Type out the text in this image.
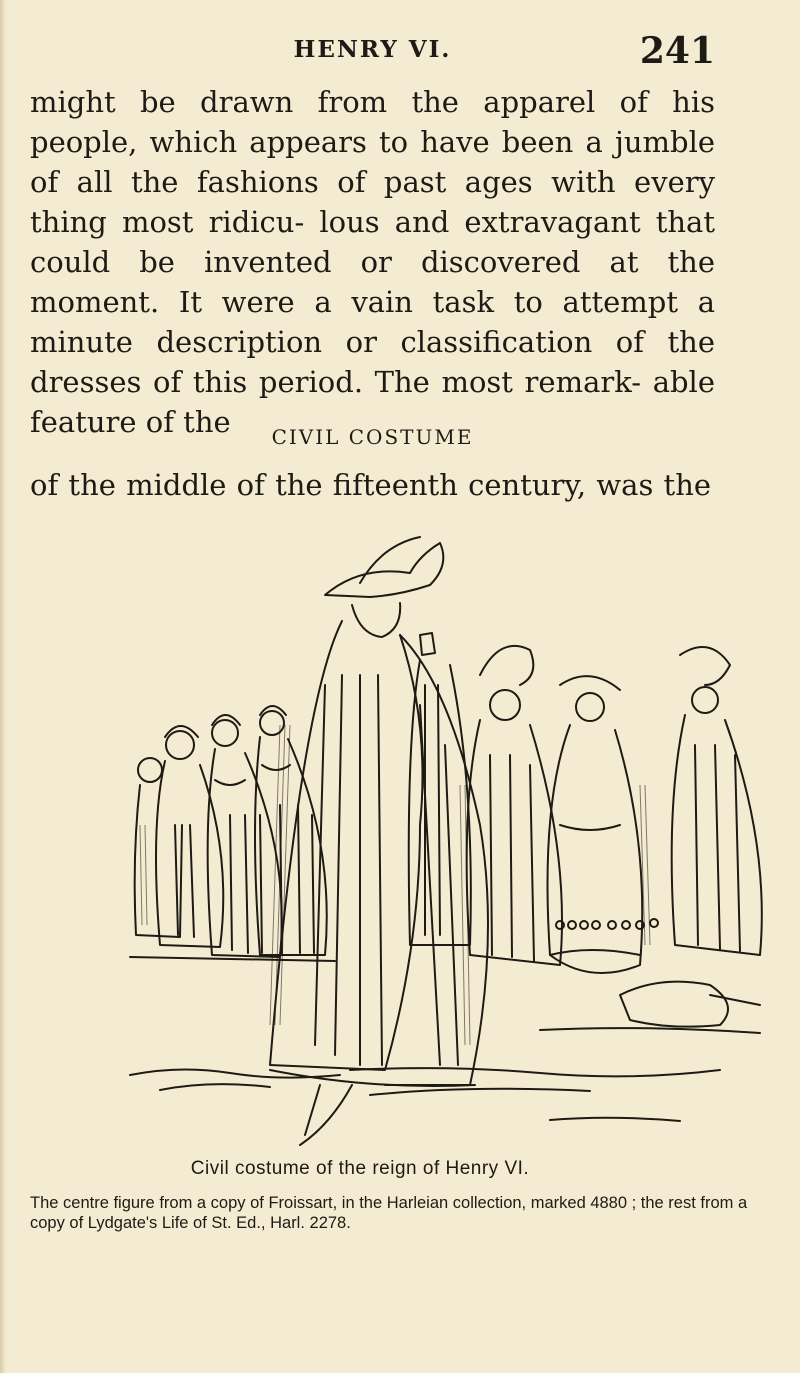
HENRY VI.	241

might be drawn from the apparel of his people, which appears to have been a jumble of all the fashions of past ages with every thing most ridicu- lous and extravagant that could be invented or discovered at the moment. It were a vain task to attempt a minute description or classification of the dresses of this period. The most remark- able feature of the	CIVIL COSTUME

of the middle of the fifteenth century, was the

Civil costume of the reign of Henry VI.

The centre figure from a copy of Froissart, in the Harleian collection, marked 4880 ; the rest from a copy of Lydgate's Life of St. Ed., Harl. 2278.
